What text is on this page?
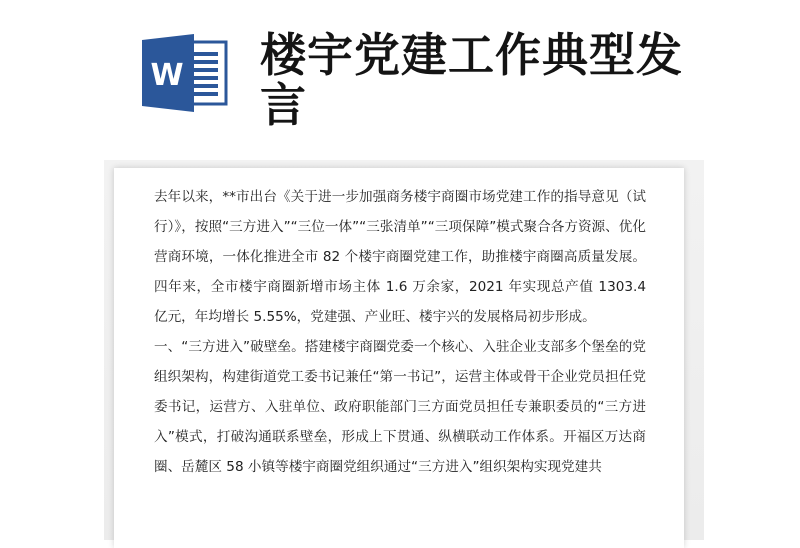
W 楼宇党建工作典型发言

去年以来，**市出台《关于进一步加强商务楼宇商圈市场党建工作的指导意见（试行）》，按照“三方进入”“三位一体”“三张清单”“三项保障”模式聚合各方资源、优化营商环境，一体化推进全市 82 个楼宇商圈党建工作，助推楼宇商圈高质量发展。四年来，全市楼宇商圈新增市场主体 1.6 万余家，2021 年实现总产值 1303.4 亿元，年均增长 5.55%，党建强、产业旺、楼宇兴的发展格局初步形成。

一、“三方进入”破壁垒。搭建楼宇商圈党委一个核心、入驻企业支部多个堡垒的党组织架构，构建街道党工委书记兼任“第一书记”，运营主体或骨干企业党员担任党委书记，运营方、入驻单位、政府职能部门三方面党员担任专兼职委员的“三方进入”模式，打破沟通联系壁垒，形成上下贯通、纵横联动工作体系。开福区万达商圈、岳麓区 58 小镇等楼宇商圈党组织通过“三方进入”组织架构实现党建共
